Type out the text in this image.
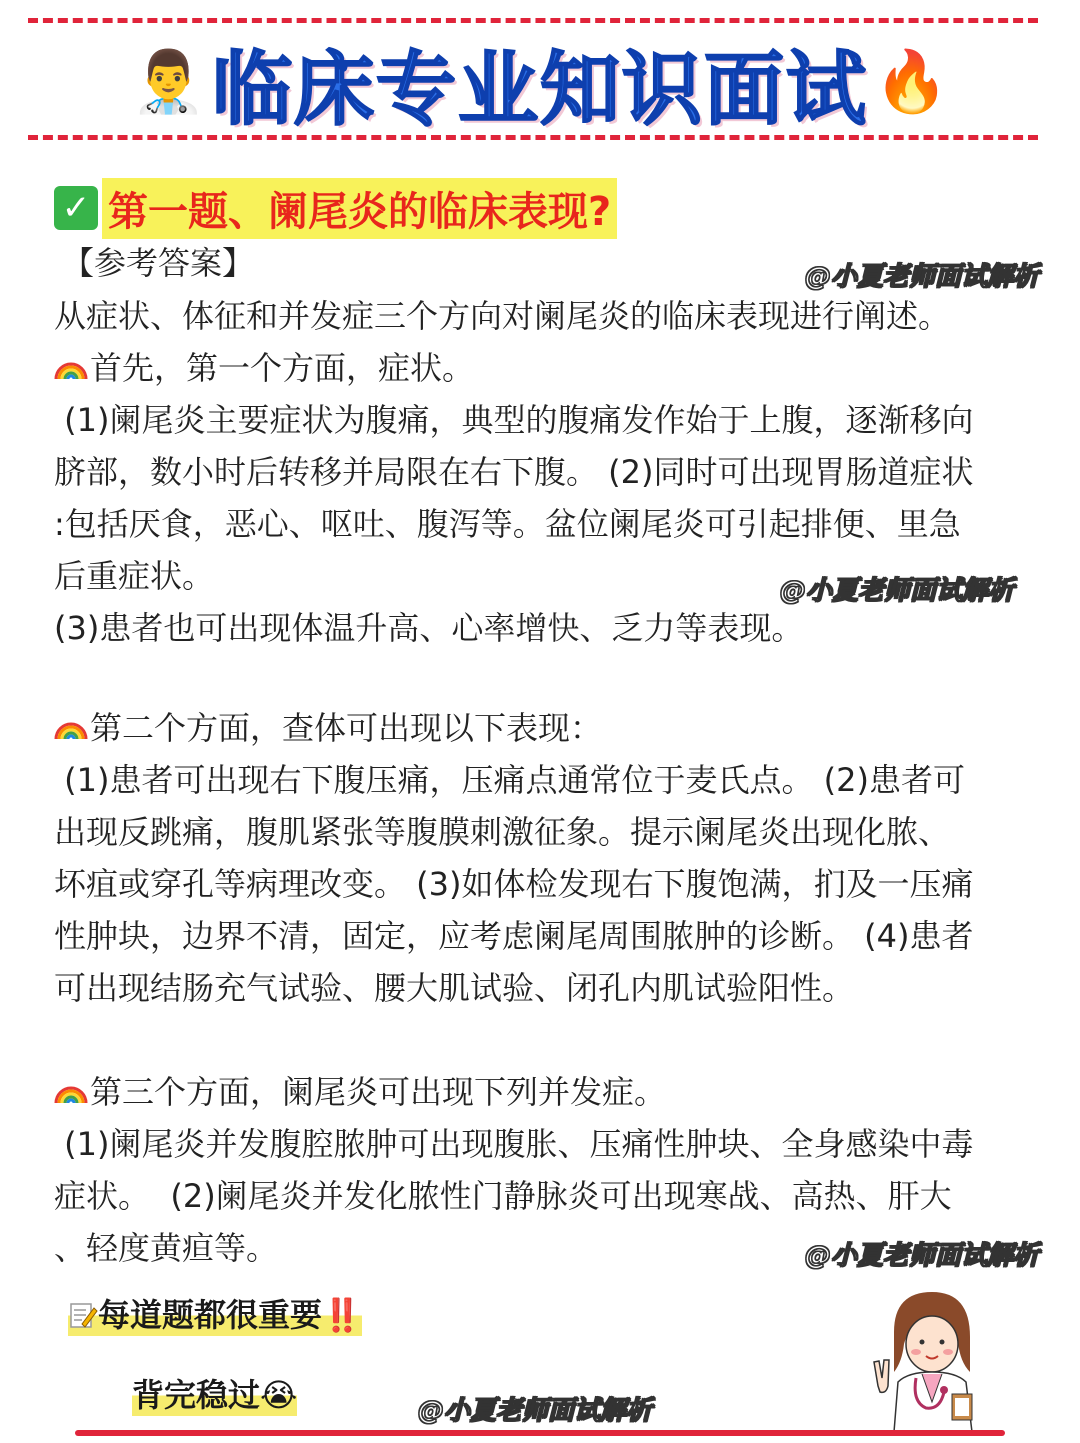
👨‍⚕️ 临床专业知识面试 🔥
✓ 第一题、阑尾炎的临床表现?
【参考答案】	@小夏老师面试解析
从症状、体征和并发症三个方向对阑尾炎的临床表现进行阐述。
首先，第一个方面，症状。
(1)阑尾炎主要症状为腹痛，典型的腹痛发作始于上腹，逐渐移向
脐部，数小时后转移并局限在右下腹。 (2)同时可出现胃肠道症状
:包括厌食，恶心、呕吐、腹泻等。盆位阑尾炎可引起排便、里急
后重症状。
(3)患者也可出现体温升高、心率增快、乏力等表现。
@小夏老师面试解析
第二个方面，查体可出现以下表现：
(1)患者可出现右下腹压痛，压痛点通常位于麦氏点。 (2)患者可
出现反跳痛，腹肌紧张等腹膜刺激征象。提示阑尾炎出现化脓、
坏疽或穿孔等病理改变。 (3)如体检发现右下腹饱满，扪及一压痛
性肿块，边界不清，固定，应考虑阑尾周围脓肿的诊断。 (4)患者
可出现结肠充气试验、腰大肌试验、闭孔内肌试验阳性。
第三个方面，阑尾炎可出现下列并发症。
(1)阑尾炎并发腹腔脓肿可出现腹胀、压痛性肿块、全身感染中毒
症状。  (2)阑尾炎并发化脓性门静脉炎可出现寒战、高热、肝大
、轻度黄疸等。	@小夏老师面试解析
每道题都很重要‼️
背完稳过😭	@小夏老师面试解析
